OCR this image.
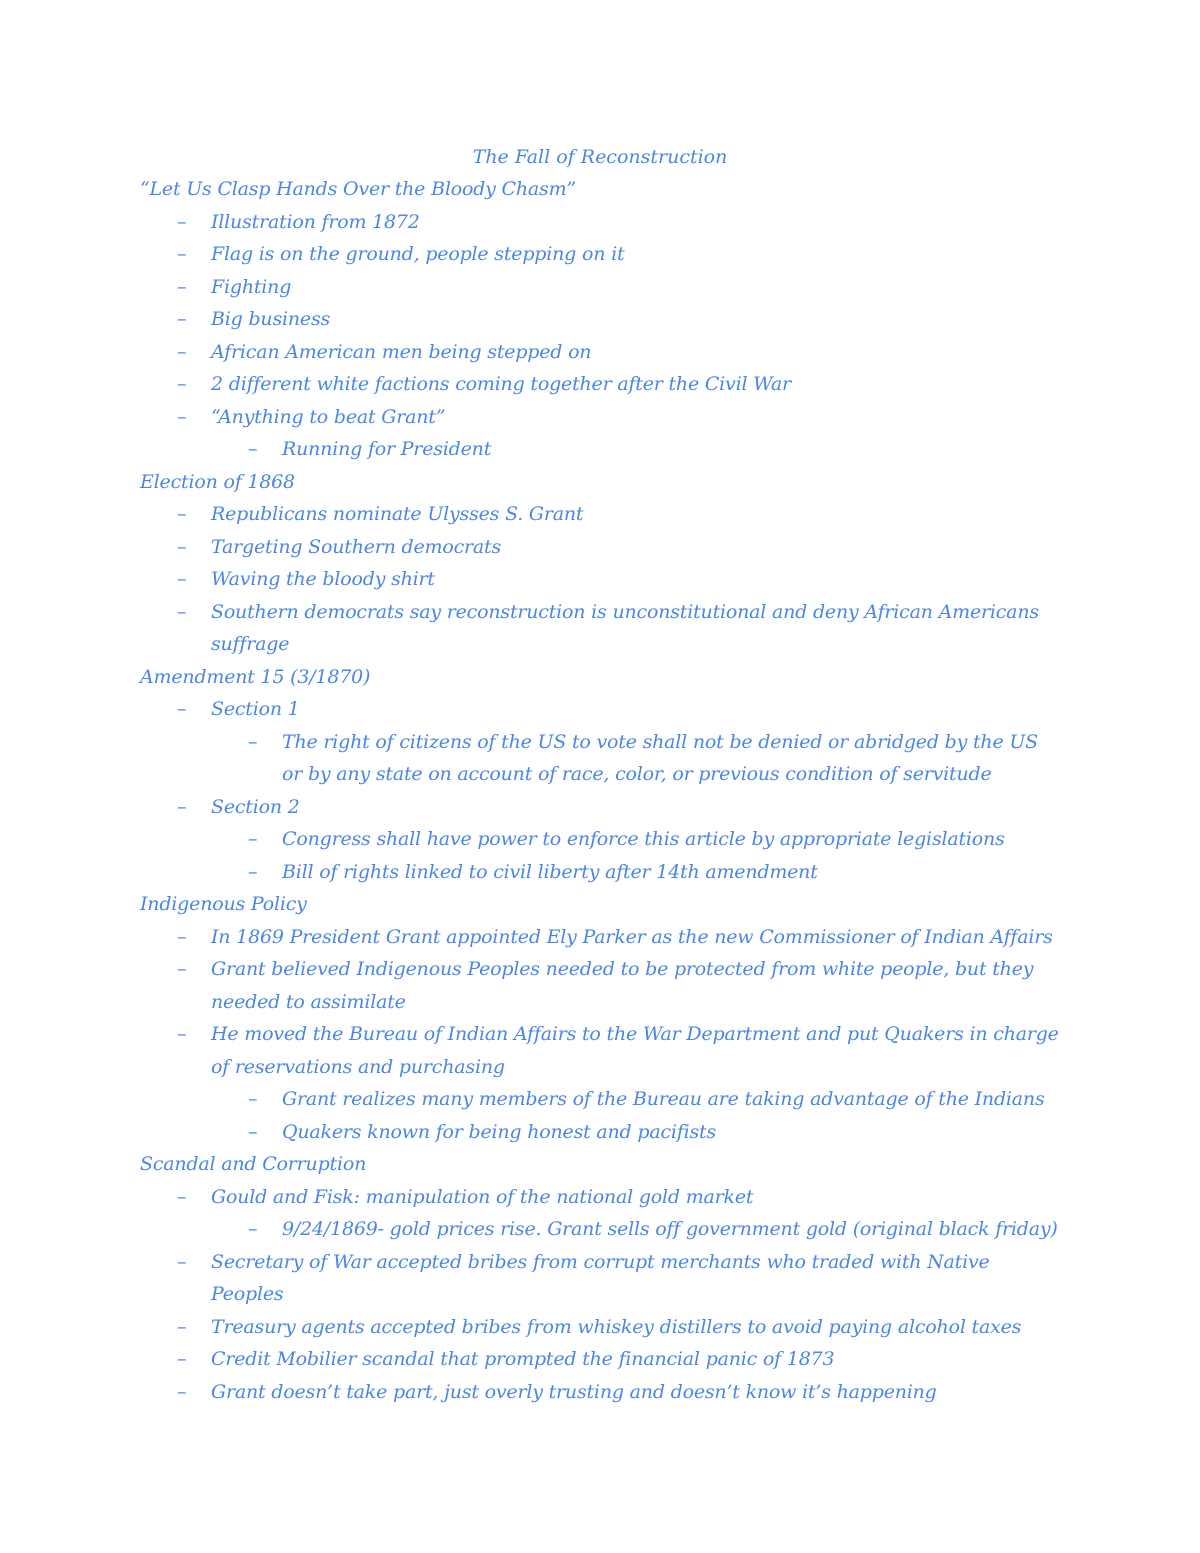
The Fall of Reconstruction

“Let Us Clasp Hands Over the Bloody Chasm”

– Illustration from 1872
– Flag is on the ground, people stepping on it
– Fighting
– Big business
– African American men being stepped on
– 2 different white factions coming together after the Civil War
– “Anything to beat Grant”
– Running for President

Election of 1868

– Republicans nominate Ulysses S. Grant
– Targeting Southern democrats
– Waving the bloody shirt
– Southern democrats say reconstruction is unconstitutional and deny African Americans suffrage

Amendment 15 (3/1870)

– Section 1
– The right of citizens of the US to vote shall not be denied or abridged by the US or by any state on account of race, color, or previous condition of servitude
– Section 2
– Congress shall have power to enforce this article by appropriate legislations
– Bill of rights linked to civil liberty after 14th amendment

Indigenous Policy

– In 1869 President Grant appointed Ely Parker as the new Commissioner of Indian Affairs
– Grant believed Indigenous Peoples needed to be protected from white people, but they needed to assimilate
– He moved the Bureau of Indian Affairs to the War Department and put Quakers in charge of reservations and purchasing
– Grant realizes many members of the Bureau are taking advantage of the Indians
– Quakers known for being honest and pacifists

Scandal and Corruption

– Gould and Fisk: manipulation of the national gold market
– 9/24/1869- gold prices rise. Grant sells off government gold (original black friday)
– Secretary of War accepted bribes from corrupt merchants who traded with Native Peoples
– Treasury agents accepted bribes from whiskey distillers to avoid paying alcohol taxes
– Credit Mobilier scandal that prompted the financial panic of 1873
– Grant doesn’t take part, just overly trusting and doesn’t know it’s happening
